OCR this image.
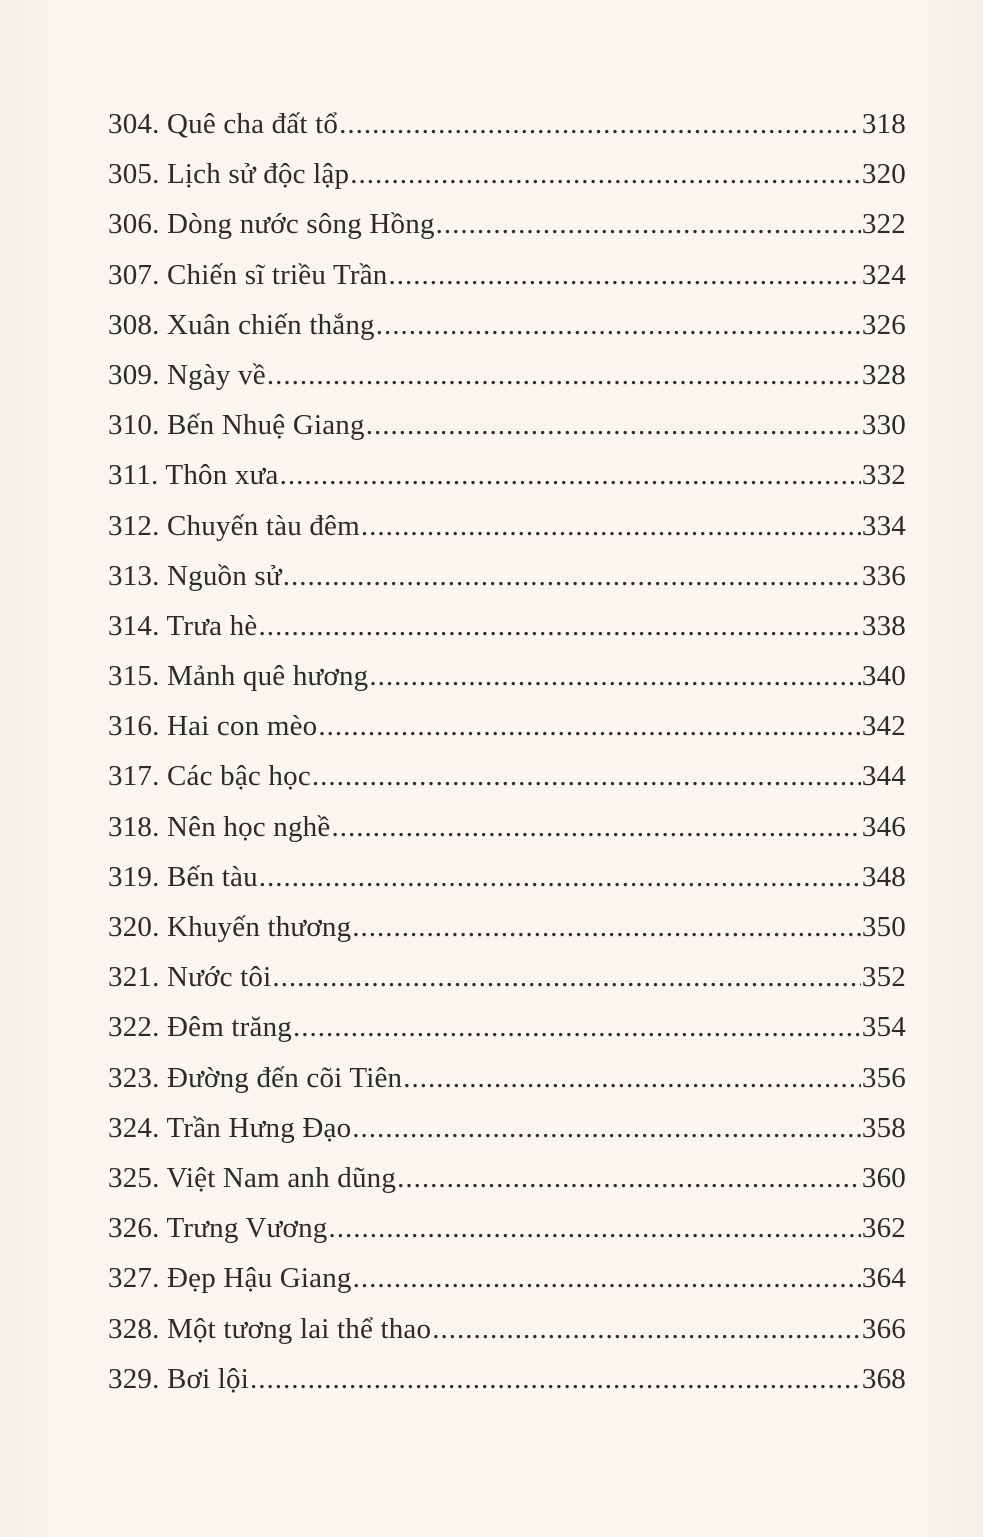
304. Quê cha đất tổ .....	318
305. Lịch sử độc lập .....	320
306. Dòng nước sông Hồng .....	322
307. Chiến sĩ triều Trần .....	324
308. Xuân chiến thắng .....	326
309. Ngày về .....	328
310. Bến Nhuệ Giang .....	330
311. Thôn xưa .....	332
312. Chuyến tàu đêm .....	334
313. Nguồn sử .....	336
314. Trưa hè .....	338
315. Mảnh quê hương .....	340
316. Hai con mèo .....	342
317. Các bậc học .....	344
318. Nên học nghề .....	346
319. Bến tàu .....	348
320. Khuyến thương .....	350
321. Nước tôi .....	352
322. Đêm trăng .....	354
323. Đường đến cõi Tiên .....	356
324. Trần Hưng Đạo .....	358
325. Việt Nam anh dũng .....	360
326. Trưng Vương .....	362
327. Đẹp Hậu Giang .....	364
328. Một tương lai thể thao .....	366
329. Bơi lội .....	368
